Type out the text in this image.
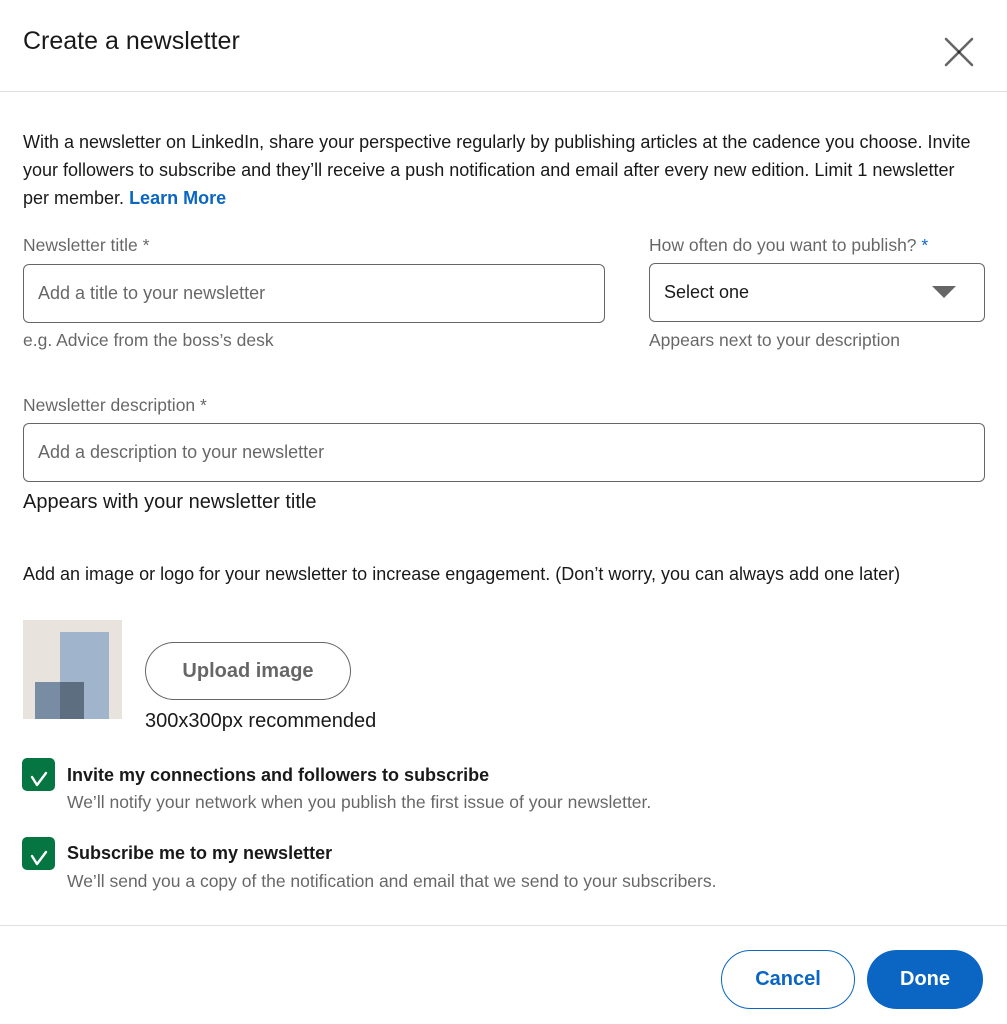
Create a newsletter

With a newsletter on LinkedIn, share your perspective regularly by publishing articles at the cadence you choose. Invite your followers to subscribe and they’ll receive a push notification and email after every new edition. Limit 1 newsletter per member. Learn More

Newsletter title *
Add a title to your newsletter
e.g. Advice from the boss’s desk
How often do you want to publish? *
Select one
Appears next to your description
Newsletter description *
Add a description to your newsletter
Appears with your newsletter title

Add an image or logo for your newsletter to increase engagement. (Don’t worry, you can always add one later)

Upload image
300x300px recommended
Invite my connections and followers to subscribe
We’ll notify your network when you publish the first issue of your newsletter.
Subscribe me to my newsletter
We’ll send you a copy of the notification and email that we send to your subscribers.
Cancel	Done
